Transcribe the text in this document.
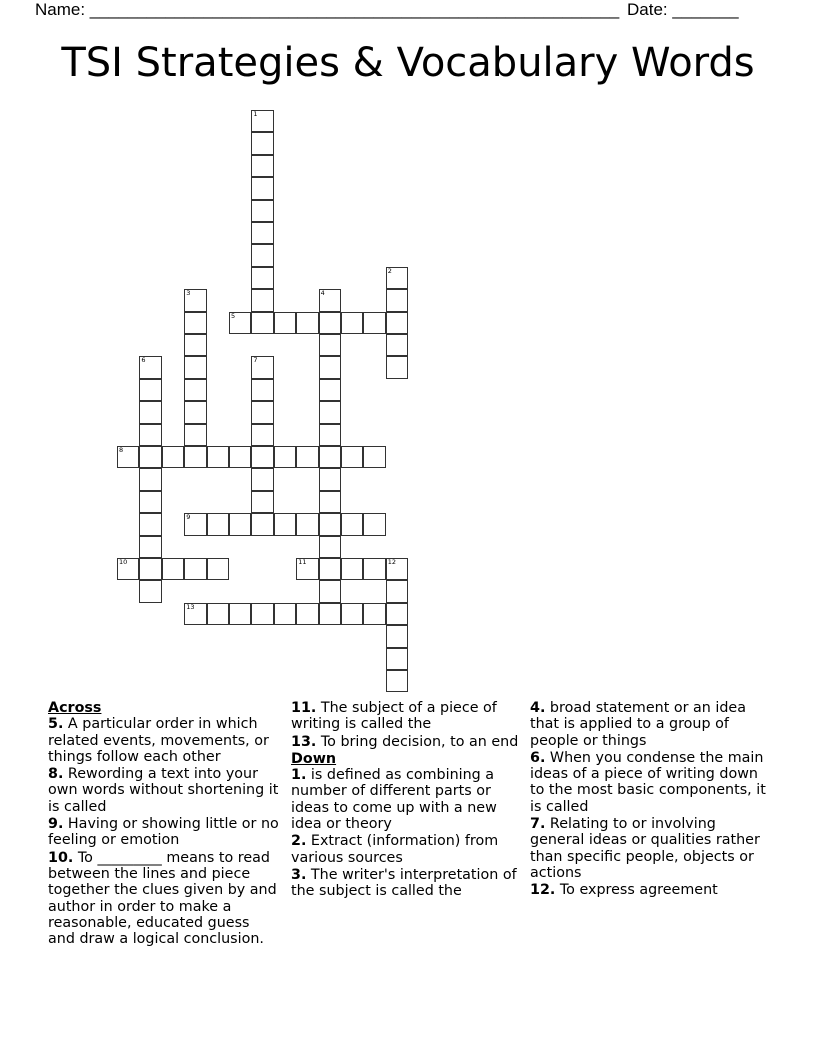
Name: ________________________________________________________ Date: _______
TSI Strategies & Vocabulary Words
1
2
3	4
5
6	7
8
9
10	11	12
13
Across
5. A particular order in which related events, movements, or things follow each other
8. Rewording a text into your own words without shortening it is called
9. Having or showing little or no feeling or emotion
10. To _________ means to read between the lines and piece together the clues given by and author in order to make a reasonable, educated guess and draw a logical conclusion.
11. The subject of a piece of writing is called the
13. To bring decision, to an end
Down
1. is defined as combining a number of different parts or ideas to come up with a new idea or theory
2. Extract (information) from various sources
3. The writer's interpretation of the subject is called the
4. broad statement or an idea that is applied to a group of people or things
6. When you condense the main ideas of a piece of writing down to the most basic components, it is called
7. Relating to or involving general ideas or qualities rather than specific people, objects or actions
12. To express agreement
